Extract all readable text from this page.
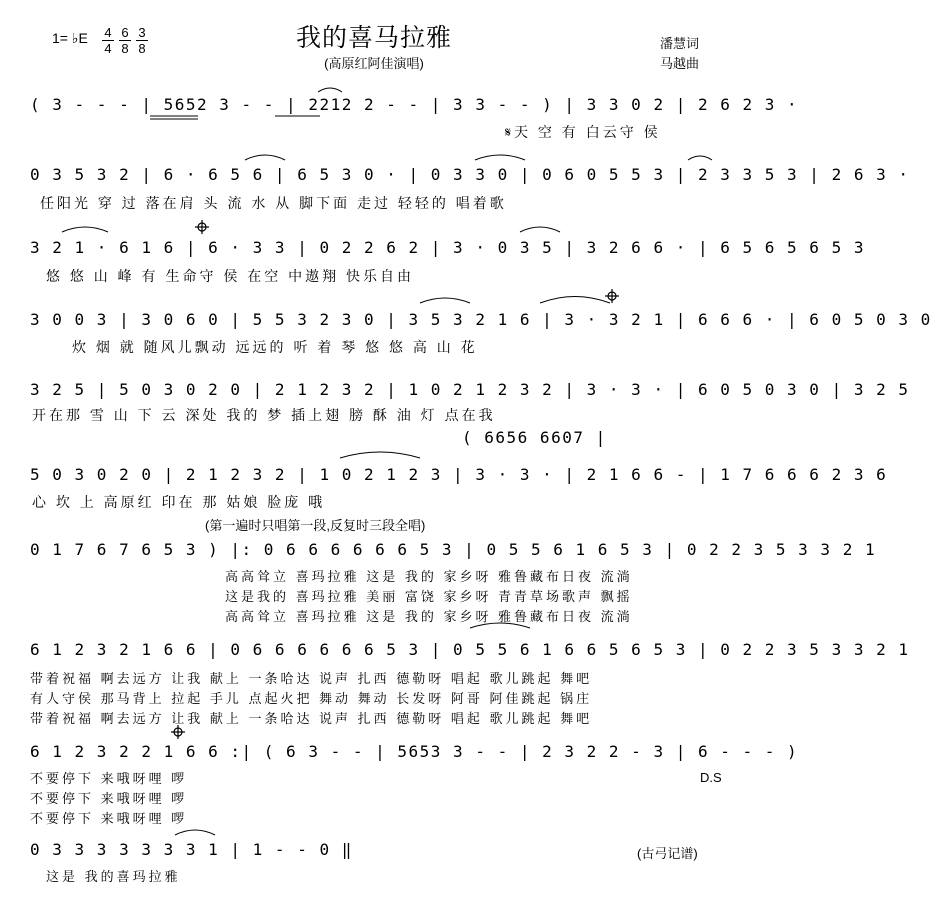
我的喜马拉雅
(高原红阿佳演唱)
1= ♭E 4
4
6
8
3
8	潘慧词
马越曲
( 3 - - - | 5652 3 - - | 2212 2 - - | 3 3 - - ) | 3 3 0 2 | 2 6 2 3 ·
𝄋天 空 有 白云守 侯
0 3 5 3 2 | 6 · 6 5 6 | 6 5 3 0 · | 0 3 3 0 | 0 6 0 5 5 3 | 2 3 3 5 3 | 2 6 3 ·
任阳光 穿 过 落在肩 头 流 水 从 脚下面 走过 轻轻的 唱着歌
3 2 1 · 6 1 6 | 6 · 3 3 | 0 2 2 6 2 | 3 · 0 3 5 | 3 2 6 6 · | 6 5 6 5 6 5 3
悠 悠 山 峰 有 生命守 侯 在空 中遨翔 快乐自由
3 0 0 3 | 3 0 6 0 | 5 5 3 2 3 0 | 3 5 3 2 1 6 | 3 · 3 2 1 | 6 6 6 · | 6 0 5 0 3 0
炊 烟 就 随风儿飘动 远远的 听 着 琴 悠 悠 高 山 花
3 2 5 | 5 0 3 0 2 0 | 2 1 2 3 2 | 1 0 2 1 2 3 2 | 3 · 3 · | 6 0 5 0 3 0 | 3 2 5
开在那 雪 山 下 云 深处 我的 梦 插上翅 膀 酥 油 灯 点在我
( 6656 6607 |
5 0 3 0 2 0 | 2 1 2 3 2 | 1 0 2 1 2 3 | 3 · 3 · | 2 1 6 6 - | 1 7 6 6 6 2 3 6
心 坎 上 高原红 印在 那 姑娘 脸庞 哦
(第一遍时只唱第一段,反复时三段全唱)
0 1 7 6 7 6 5 3 ) |: 0 6 6 6 6 6 6 5 3 | 0 5 5 6 1 6 5 3 | 0 2 2 3 5 3 3 2 1
高高耸立 喜玛拉雅 这是 我的 家乡呀 雅鲁藏布日夜 流淌
这是我的 喜玛拉雅 美丽 富饶 家乡呀 青青草场歌声 飘摇
高高耸立 喜玛拉雅 这是 我的 家乡呀 雅鲁藏布日夜 流淌
6 1 2 3 2 1 6 6 | 0 6 6 6 6 6 6 5 3 | 0 5 5 6 1 6 6 5 6 5 3 | 0 2 2 3 5 3 3 2 1
带着祝福 啊去远方 让我 献上 一条哈达 说声 扎西 德勒呀 唱起 歌儿跳起 舞吧
有人守侯 那马背上 拉起 手儿 点起火把 舞动 舞动 长发呀 阿哥 阿佳跳起 锅庄
带着祝福 啊去远方 让我 献上 一条哈达 说声 扎西 德勒呀 唱起 歌儿跳起 舞吧
6 1 2 3 2 2 1 6 6 :| ( 6 3 - - | 5653 3 - - | 2 3 2 2 - 3 | 6 - - - )
不要停下 来哦呀哩 啰
不要停下 来哦呀哩 啰
不要停下 来哦呀哩 啰
D.S
0 3 3 3 3 3 3 3 1 | 1 - - 0 ‖
这是 我的喜玛拉雅
(古弓记谱)
